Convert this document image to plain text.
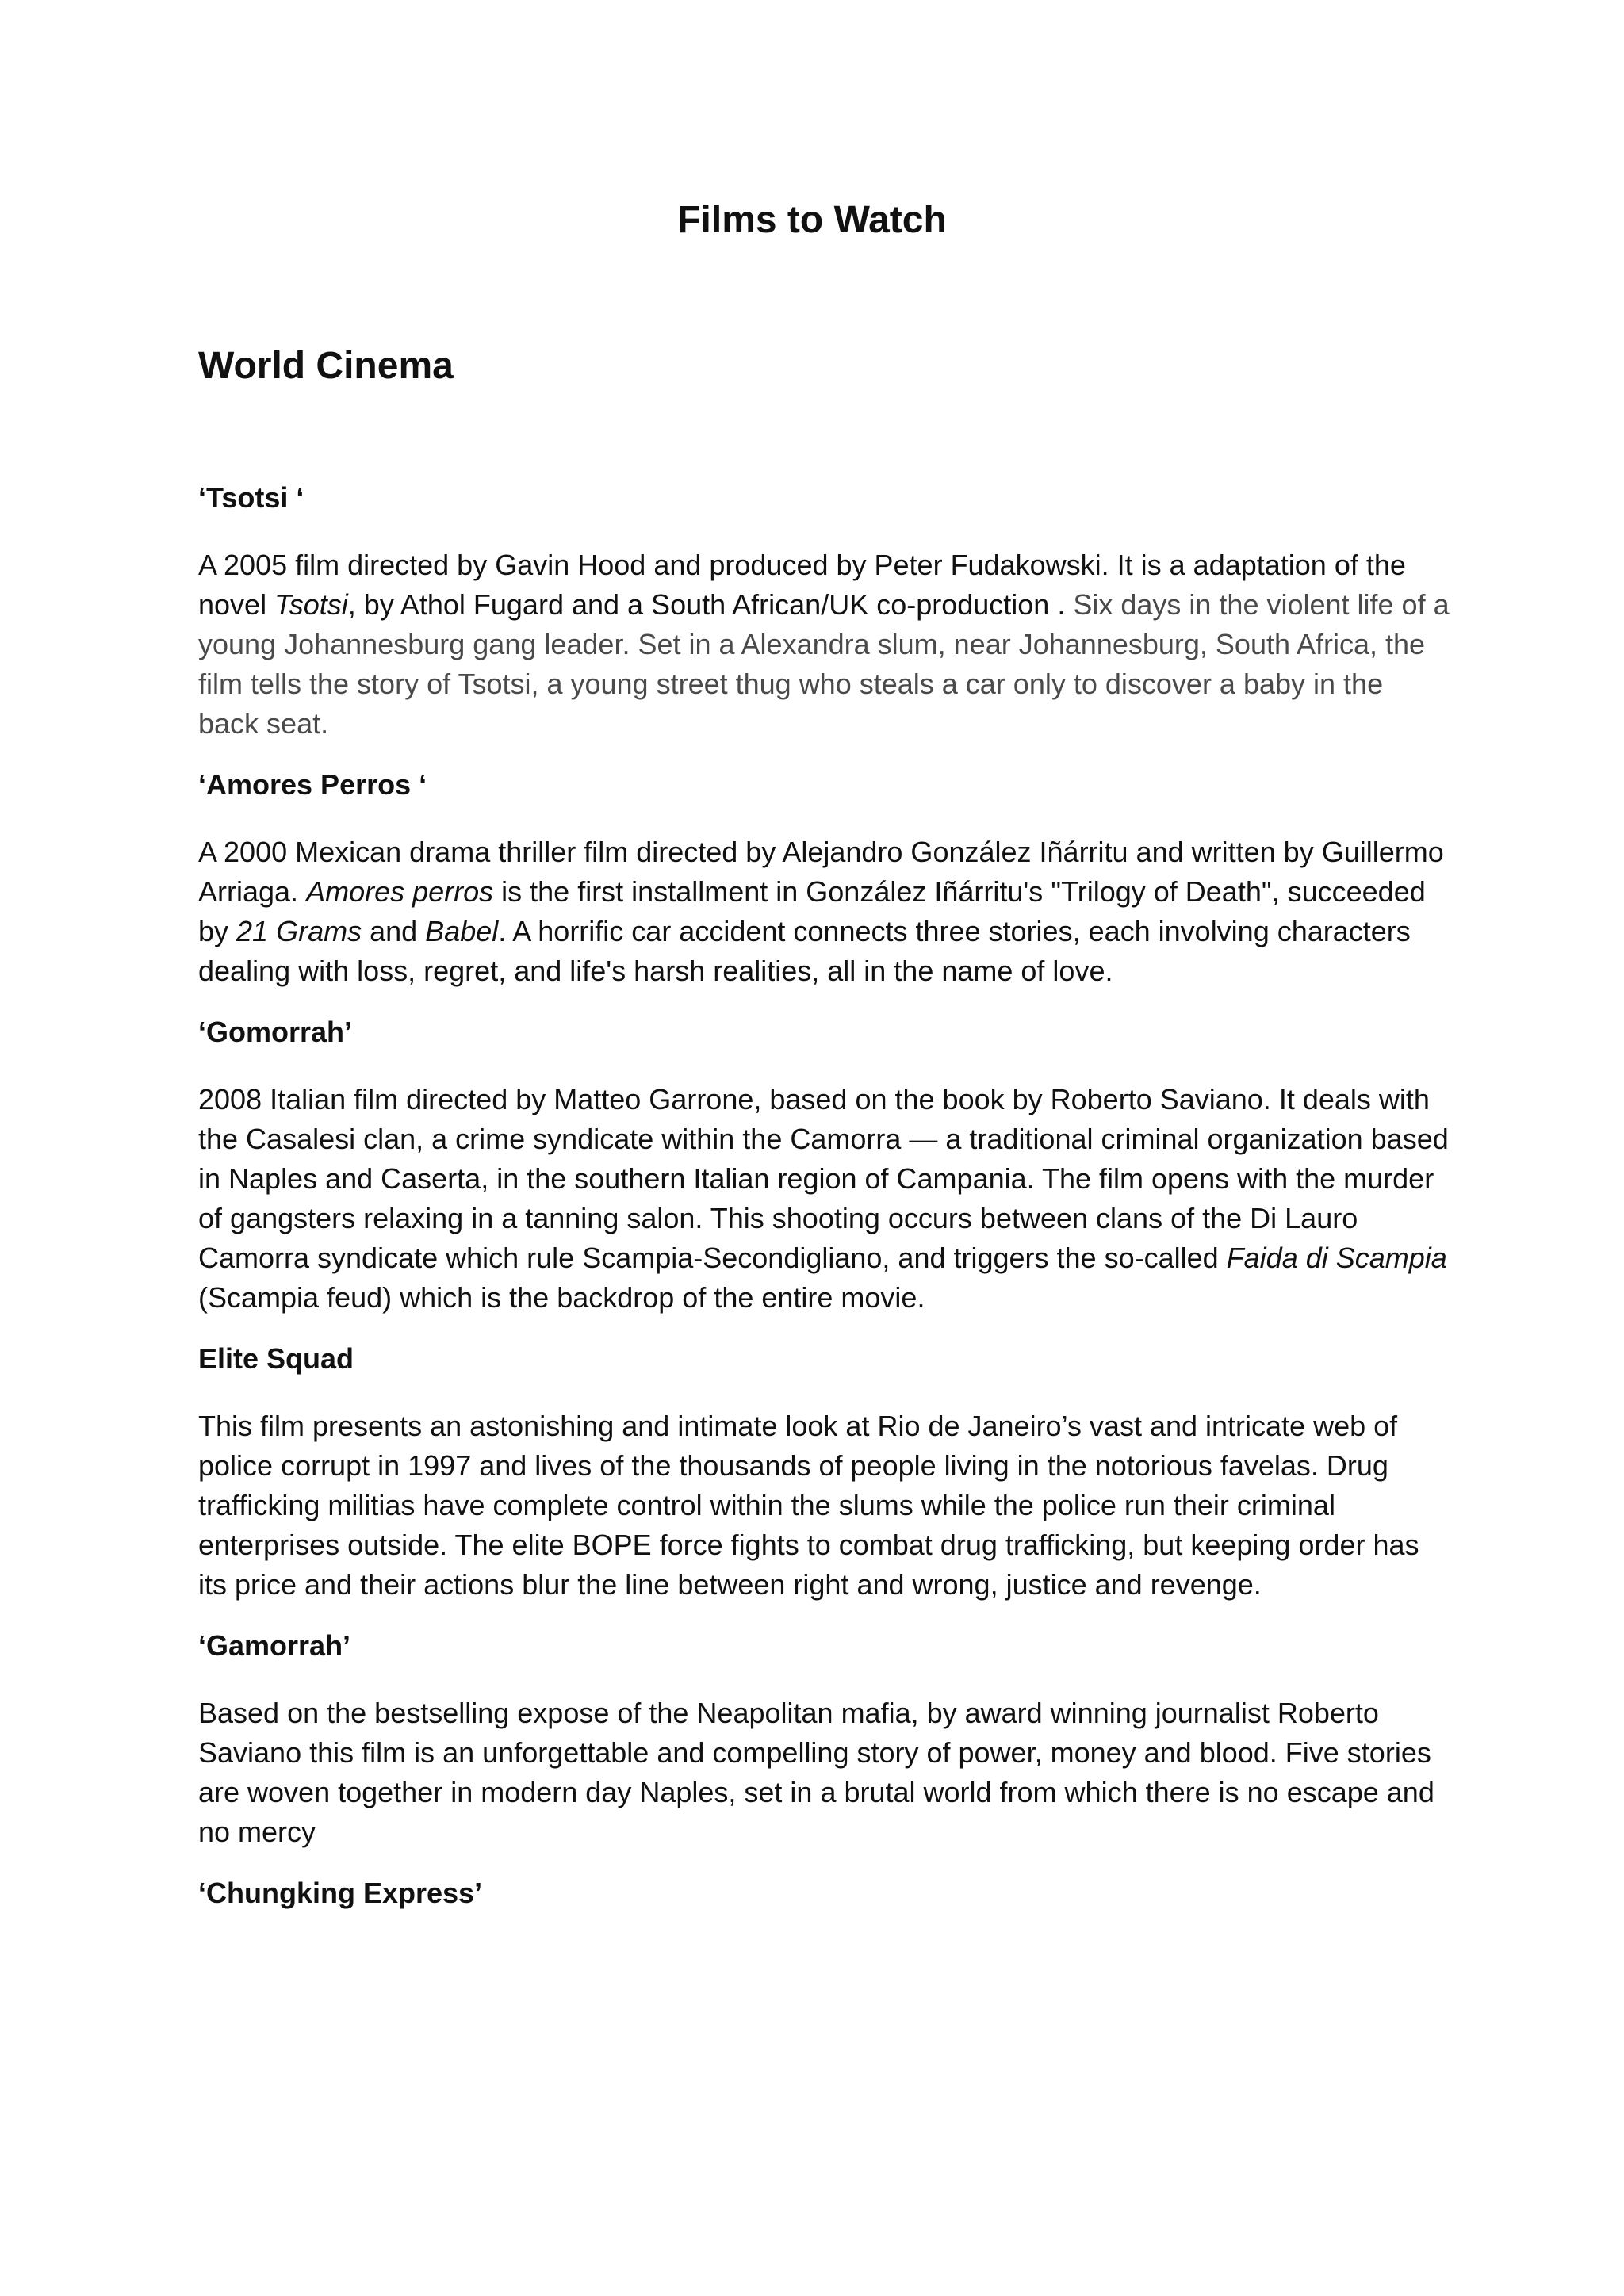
Films to Watch
World Cinema

‘Tsotsi ‘

A 2005 film directed by Gavin Hood and produced by Peter Fudakowski. It is a adaptation of the novel Tsotsi, by Athol Fugard and a South African/UK co-production . Six days in the violent life of a young Johannesburg gang leader. Set in a Alexandra slum, near Johannesburg, South Africa, the film tells the story of Tsotsi, a young street thug who steals a car only to discover a baby in the back seat.

‘Amores Perros ‘

A 2000 Mexican drama thriller film directed by Alejandro González Iñárritu and written by Guillermo Arriaga. Amores perros is the first installment in González Iñárritu's "Trilogy of Death", succeeded by 21 Grams and Babel. A horrific car accident connects three stories, each involving characters dealing with loss, regret, and life's harsh realities, all in the name of love.

‘Gomorrah’

2008 Italian film directed by Matteo Garrone, based on the book by Roberto Saviano. It deals with the Casalesi clan, a crime syndicate within the Camorra — a traditional criminal organization based in Naples and Caserta, in the southern Italian region of Campania. The film opens with the murder of gangsters relaxing in a tanning salon. This shooting occurs between clans of the Di Lauro Camorra syndicate which rule Scampia-Secondigliano, and triggers the so-called Faida di Scampia (Scampia feud) which is the backdrop of the entire movie.

Elite Squad

This film presents an astonishing and intimate look at Rio de Janeiro’s vast and intricate web of police corrupt in 1997 and lives of the thousands of people living in the notorious favelas. Drug trafficking militias have complete control within the slums while the police run their criminal enterprises outside. The elite BOPE force fights to combat drug trafficking, but keeping order has its price and their actions blur the line between right and wrong, justice and revenge.

‘Gamorrah’

Based on the bestselling expose of the Neapolitan mafia, by award winning journalist Roberto Saviano this film is an unforgettable and compelling story of power, money and blood. Five stories are woven together in modern day Naples, set in a brutal world from which there is no escape and no mercy

‘Chungking Express’
